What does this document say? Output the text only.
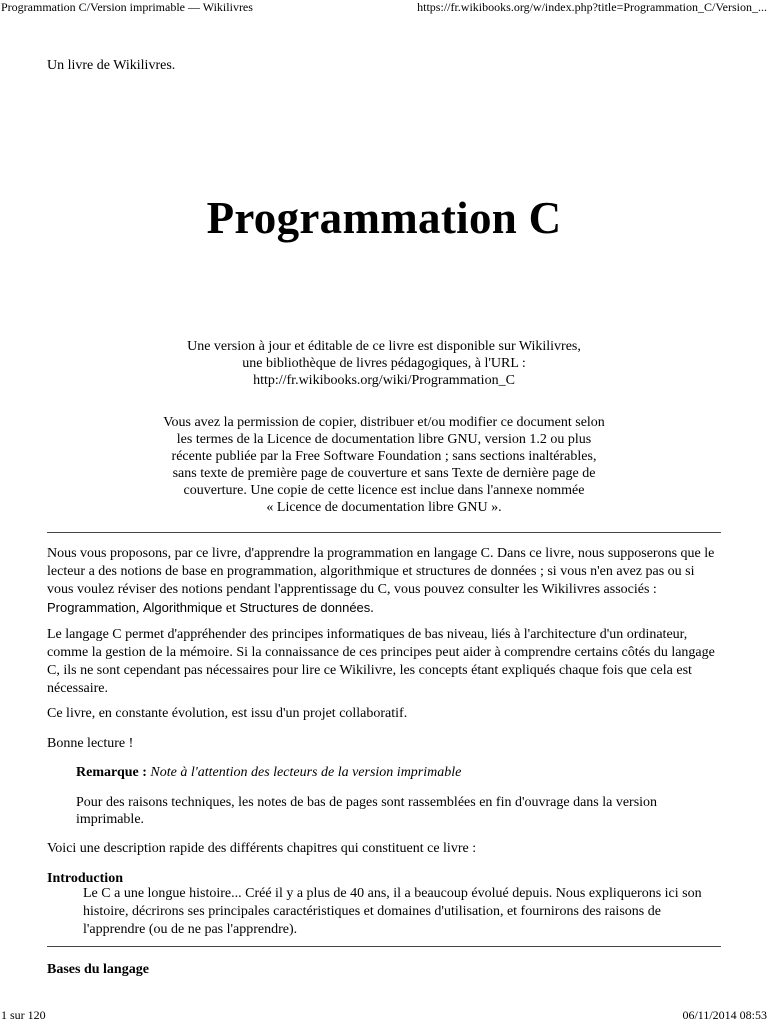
Programmation C/Version imprimable — Wikilivres	https://fr.wikibooks.org/w/index.php?title=Programmation_C/Version_...
Un livre de Wikilivres.
Programmation C
Une version à jour et éditable de ce livre est disponible sur Wikilivres,
une bibliothèque de livres pédagogiques, à l'URL :
http://fr.wikibooks.org/wiki/Programmation_C
Vous avez la permission de copier, distribuer et/ou modifier ce document selon
les termes de la Licence de documentation libre GNU, version 1.2 ou plus
récente publiée par la Free Software Foundation ; sans sections inaltérables,
sans texte de première page de couverture et sans Texte de dernière page de
couverture. Une copie de cette licence est inclue dans l'annexe nommée
« Licence de documentation libre GNU ».
Nous vous proposons, par ce livre, d'apprendre la programmation en langage C. Dans ce livre, nous supposerons que le lecteur a des notions de base en programmation, algorithmique et structures de données ; si vous n'en avez pas ou si vous voulez réviser des notions pendant l'apprentissage du C, vous pouvez consulter les Wikilivres associés : Programmation, Algorithmique et Structures de données.
Le langage C permet d'appréhender des principes informatiques de bas niveau, liés à l'architecture d'un ordinateur, comme la gestion de la mémoire. Si la connaissance de ces principes peut aider à comprendre certains côtés du langage C, ils ne sont cependant pas nécessaires pour lire ce Wikilivre, les concepts étant expliqués chaque fois que cela est nécessaire.
Ce livre, en constante évolution, est issu d'un projet collaboratif.
Bonne lecture !
Remarque : Note à l'attention des lecteurs de la version imprimable
Pour des raisons techniques, les notes de bas de pages sont rassemblées en fin d'ouvrage dans la version imprimable.
Voici une description rapide des différents chapitres qui constituent ce livre :
Introduction
Le C a une longue histoire... Créé il y a plus de 40 ans, il a beaucoup évolué depuis. Nous expliquerons ici son histoire, décrirons ses principales caractéristiques et domaines d'utilisation, et fournirons des raisons de l'apprendre (ou de ne pas l'apprendre).
Bases du langage
1 sur 120	06/11/2014 08:53
